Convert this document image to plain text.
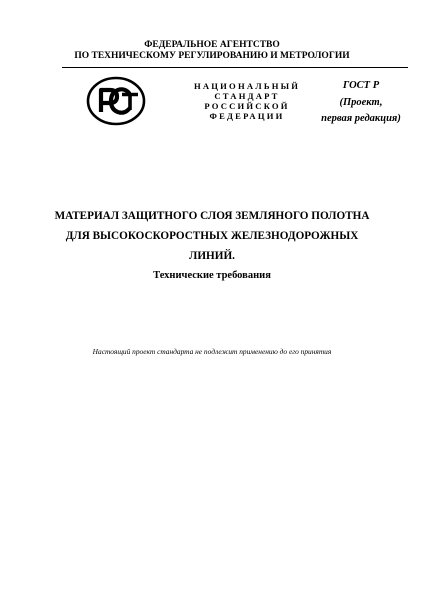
ФЕДЕРАЛЬНОЕ АГЕНТСТВО
ПО ТЕХНИЧЕСКОМУ РЕГУЛИРОВАНИЮ И МЕТРОЛОГИИ
НАЦИОНАЛЬНЫЙ
СТАНДАРТ
РОССИЙСКОЙ
ФЕДЕРАЦИИ
ГОСТ Р
(Проект,
первая редакция)
МАТЕРИАЛ ЗАЩИТНОГО СЛОЯ ЗЕМЛЯНОГО ПОЛОТНА
ДЛЯ ВЫСОКОСКОРОСТНЫХ ЖЕЛЕЗНОДОРОЖНЫХ
ЛИНИЙ.
Технические требования
Настоящий проект стандарта не подлежит применению до его принятия
